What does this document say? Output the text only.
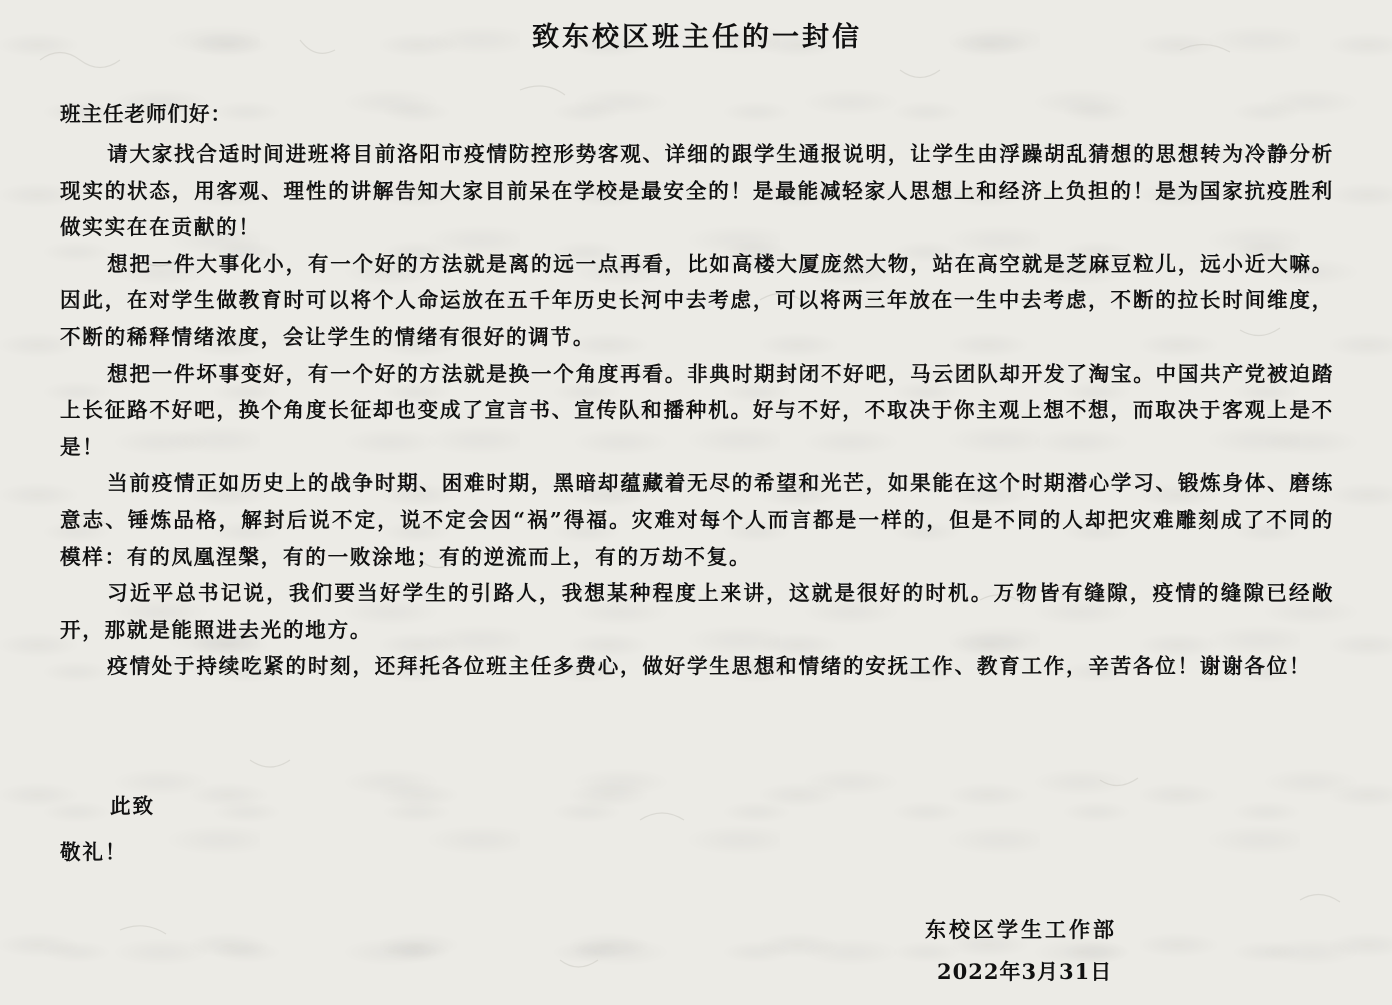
致东校区班主任的一封信
班主任老师们好：

请大家找合适时间进班将目前洛阳市疫情防控形势客观、详细的跟学生通报说明，让学生由浮躁胡乱猜想的思想转为冷静分析现实的状态，用客观、理性的讲解告知大家目前呆在学校是最安全的！是最能减轻家人思想上和经济上负担的！是为国家抗疫胜利做实实在在贡献的！

想把一件大事化小，有一个好的方法就是离的远一点再看，比如高楼大厦庞然大物，站在高空就是芝麻豆粒儿，远小近大嘛。因此，在对学生做教育时可以将个人命运放在五千年历史长河中去考虑，可以将两三年放在一生中去考虑，不断的拉长时间维度，不断的稀释情绪浓度，会让学生的情绪有很好的调节。

想把一件坏事变好，有一个好的方法就是换一个角度再看。非典时期封闭不好吧，马云团队却开发了淘宝。中国共产党被迫踏上长征路不好吧，换个角度长征却也变成了宣言书、宣传队和播种机。好与不好，不取决于你主观上想不想，而取决于客观上是不是！

当前疫情正如历史上的战争时期、困难时期，黑暗却蕴藏着无尽的希望和光芒，如果能在这个时期潜心学习、锻炼身体、磨练意志、锤炼品格，解封后说不定，说不定会因“祸”得福。灾难对每个人而言都是一样的，但是不同的人却把灾难雕刻成了不同的模样：有的凤凰涅槃，有的一败涂地；有的逆流而上，有的万劫不复。

习近平总书记说，我们要当好学生的引路人，我想某种程度上来讲，这就是很好的时机。万物皆有缝隙，疫情的缝隙已经敞开，那就是能照进去光的地方。

疫情处于持续吃紧的时刻，还拜托各位班主任多费心，做好学生思想和情绪的安抚工作、教育工作，辛苦各位！谢谢各位！

此致
敬礼！
东校区学生工作部
2022年3月31日
